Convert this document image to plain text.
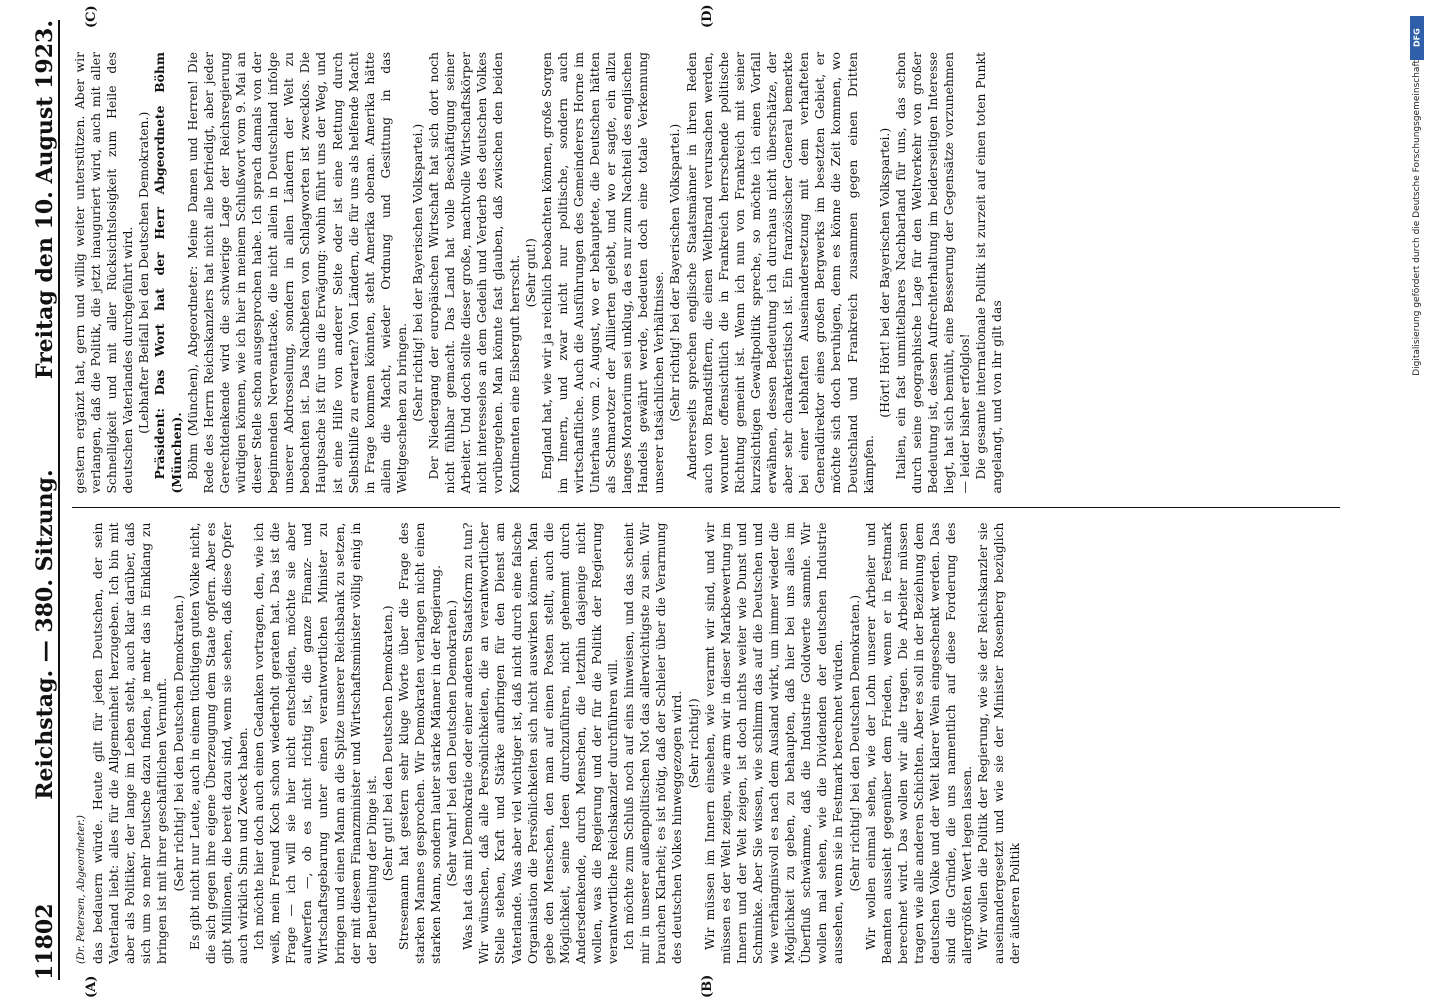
11802
Reichstag. — 380. Sitzung.
Freitag den 10. August 1923.
(A)	(B)
(C)	(D)

(Dr. Petersen, Abgeordneter.) das bedauern würde. Heute gilt für jeden Deutschen, der sein Vaterland liebt: alles für die Allgemeinheit herzugeben. Ich bin mit aber als Politiker, der lange im Leben steht, auch klar darüber, daß sich um so mehr Deutsche dazu finden, je mehr das in Einklang zu bringen ist mit ihrer geschäftlichen Vernunft. (Sehr richtig! bei den Deutschen Demokraten.) Es gibt nicht nur Leute, auch in einem tüchtigen guten Volke nicht, die sich gegen ihre eigene Überzeugung dem Staate opfern. Aber es gibt Millionen, die bereit dazu sind, wenn sie sehen, daß diese Opfer auch wirklich Sinn und Zweck haben. Ich möchte hier doch auch einen Gedanken vortragen, den, wie ich weiß, mein Freund Koch schon wiederholt geraten hat. Das ist die Frage — ich will sie hier nicht entscheiden, möchte sie aber aufwerfen —, ob es nicht richtig ist, die ganze Finanz- und Wirtschaftsgebarung unter einen verantwortlichen Minister zu bringen und einen Mann an die Spitze unserer Reichsbank zu setzen, der mit diesem Finanzminister und Wirtschaftsminister völlig einig in der Beurteilung der Dinge ist. (Sehr gut! bei den Deutschen Demokraten.) Stresemann hat gestern sehr kluge Worte über die Frage des starken Mannes gesprochen. Wir Demokraten verlangen nicht einen starken Mann, sondern lauter starke Männer in der Regierung. (Sehr wahr! bei den Deutschen Demokraten.) Was hat das mit Demokratie oder einer anderen Staatsform zu tun? Wir wünschen, daß alle Persönlichkeiten, die an verantwortlicher Stelle stehen, Kraft und Stärke aufbringen für den Dienst am Vaterlande. Was aber viel wichtiger ist, daß nicht durch eine falsche Organisation die Persönlichkeiten sich nicht auswirken können. Man gebe den Menschen, den man auf einen Posten stellt, auch die Möglichkeit, seine Ideen durchzuführen, nicht gehemmt durch Andersdenkende, durch Menschen, die letzthin dasjenige nicht wollen, was die Regierung und der für die Politik der Regierung verantwortliche Reichskanzler durchführen will. Ich möchte zum Schluß noch auf eins hinweisen, und das scheint mir in unserer außenpolitischen Not das allerwichtigste zu sein. Wir brauchen Klarheit; es ist nötig, daß der Schleier über die Verarmung des deutschen Volkes hinweggezogen wird. (Sehr richtig!) Wir müssen im Innern einsehen, wie verarmt wir sind, und wir müssen es der Welt zeigen, wie arm wir in dieser Markbewertung im Innern und der Welt zeigen, ist doch nichts weiter wie Dunst und Schminke. Aber Sie wissen, wie schlimm das auf die Deutschen und wie verhängnisvoll es nach dem Ausland wirkt, um immer wieder die Möglichkeit zu geben, zu behaupten, daß hier bei uns alles im Überfluß schwämme, daß die Industrie Goldwerte sammle. Wir wollen mal sehen, wie die Dividenden der deutschen Industrie aussehen, wenn sie in Festmark berechnet würden. (Sehr richtig! bei den Deutschen Demokraten.) Wir wollen einmal sehen, wie der Lohn unserer Arbeiter und Beamten aussieht gegenüber dem Frieden, wenn er in Festmark berechnet wird. Das wollen wir alle tragen. Die Arbeiter müssen tragen wie alle anderen Schichten. Aber es soll in der Beziehung dem deutschen Volke und der Welt klarer Wein eingeschenkt werden. Das sind die Gründe, die uns namentlich auf diese Forderung des allergrößten Wert legen lassen. Wir wollen die Politik der Regierung, wie sie der Reichskanzler sie auseinandergesetzt und wie sie der Minister Rosenberg bezüglich der äußeren Politik

gestern ergänzt hat, gern und willig weiter unterstützen. Aber wir verlangen, daß die Politik, die jetzt inauguriert wird, auch mit aller Schnelligkeit und mit aller Rücksichtslosigkeit zum Heile des deutschen Vaterlandes durchgeführt wird. (Lebhafter Beifall bei den Deutschen Demokraten.) Präsident: Das Wort hat der Herr Abgeordnete Böhm (München). Böhm (München), Abgeordneter: Meine Damen und Herren! Die Rede des Herrn Reichskanzlers hat nicht alle befriedigt, aber jeder Gerechtdenkende wird die schwierige Lage der Reichsregierung würdigen können, wie ich hier in meinem Schlußwort vom 9. Mai an dieser Stelle schon ausgesprochen habe. Ich sprach damals von der beginnenden Nervenattacke, die nicht allein in Deutschland infolge unserer Abdrosselung, sondern in allen Ländern der Welt zu beobachten ist. Das Nachbeten von Schlagworten ist zwecklos. Die Hauptsache ist für uns die Erwägung: wohin führt uns der Weg, und ist eine Hilfe von anderer Seite oder ist eine Rettung durch Selbsthilfe zu erwarten? Von Ländern, die für uns als helfende Macht in Frage kommen könnten, steht Amerika obenan. Amerika hätte allein die Macht, wieder Ordnung und Gesittung in das Weltgeschehen zu bringen. (Sehr richtig! bei der Bayerischen Volkspartei.) Der Niedergang der europäischen Wirtschaft hat sich dort noch nicht fühlbar gemacht. Das Land hat volle Beschäftigung seiner Arbeiter. Und doch sollte dieser große, machtvolle Wirtschaftskörper nicht interesselos an dem Gedeih und Verderb des deutschen Volkes vorübergehen. Man könnte fast glauben, daß zwischen den beiden Kontinenten eine Eisberguft herrscht. (Sehr gut!) England hat, wie wir ja reichlich beobachten können, große Sorgen im Innern, und zwar nicht nur politische, sondern auch wirtschaftliche. Auch die Ausführungen des Gemeinderers Horne im Unterhaus vom 2. August, wo er behauptete, die Deutschen hätten als Schmarotzer der Alliierten gelebt, und wo er sagte, ein allzu langes Moratorium sei unklug, da es nur zum Nachteil des englischen Handels gewährt werde, bedeuten doch eine totale Verkennung unserer tatsächlichen Verhältnisse. (Sehr richtig! bei der Bayerischen Volkspartei.) Andererseits sprechen englische Staatsmänner in ihren Reden auch von Brandstiftern, die einen Weltbrand verursachen werden, worunter offensichtlich die in Frankreich herrschende politische Richtung gemeint ist. Wenn ich nun von Frankreich mit seiner kurzsichtigen Gewaltpolitik spreche, so möchte ich einen Vorfall erwähnen, dessen Bedeutung ich durchaus nicht überschätze, der aber sehr charakteristisch ist. Ein französischer General bemerkte bei einer lebhaften Auseinandersetzung mit dem verhafteten Generaldirektor eines großen Bergwerks im besetzten Gebiet, er möchte sich doch beruhigen, denn es könne die Zeit kommen, wo Deutschland und Frankreich zusammen gegen einen Dritten kämpfen.

(Hört! Hört! bei der Bayerischen Volkspartei.) Italien, ein fast unmittelbares Nachbarland für uns, das schon durch seine geographische Lage für den Weltverkehr von großer Bedeutung ist, dessen Aufrechterhaltung im beiderseitigen Interesse liegt, hat sich bemüht, eine Besserung der Gegensätze vorzunehmen — leider bisher erfolglos! Die gesamte internationale Politik ist zurzeit auf einen toten Punkt angelangt, und von ihr gilt das

DFG
Digitalisierung gefördert durch die Deutsche Forschungsgemeinschaft
